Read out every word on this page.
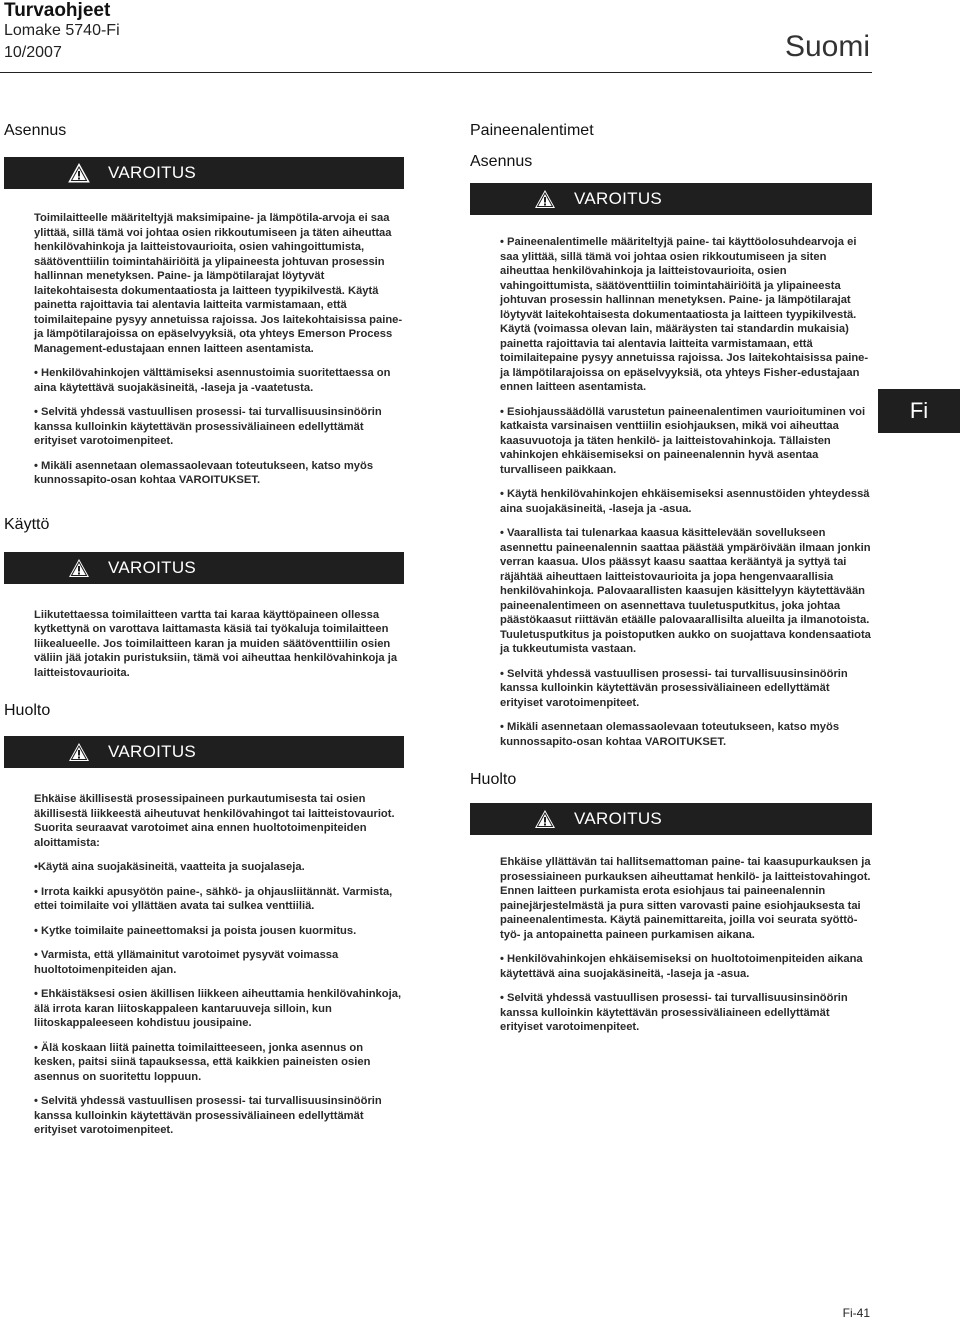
Turvaohjeet
Lomake 5740-Fi
10/2007	Suomi
Asennus
VAROITUS

Toimilaitteelle määriteltyjä maksimipaine- ja lämpötila-arvoja ei saa ylittää, sillä tämä voi johtaa osien rikkoutumiseen ja täten aiheuttaa henkilövahinkoja ja laitteistovaurioita, osien vahingoittumista, säätöventtiilin toimintahäiriöitä ja ylipaineesta johtuvan prosessin hallinnan menetyksen. Paine- ja lämpötilarajat löytyvät laitekohtaisesta dokumentaatiosta ja laitteen tyypikilvestä. Käytä painetta rajoittavia tai alentavia laitteita varmistamaan, että toimilaitepaine pysyy annetuissa rajoissa. Jos laitekohtaisissa paine- ja lämpötilarajoissa on epäselvyyksiä, ota yhteys Emerson Process Management-edustajaan ennen laitteen asentamista.

• Henkilövahinkojen välttämiseksi asennustoimia suoritettaessa on aina käytettävä suojakäsineitä, -laseja ja -vaatetusta.

• Selvitä yhdessä vastuullisen prosessi- tai turvallisuusinsinöörin kanssa kulloinkin käytettävän prosessiväliaineen edellyttämät erityiset varotoimenpiteet.

• Mikäli asennetaan olemassaolevaan toteutukseen, katso myös kunnossapito-osan kohtaa VAROITUKSET.

Käyttö
VAROITUS

Liikutettaessa toimilaitteen vartta tai karaa käyttöpaineen ollessa kytkettynä on varottava laittamasta käsiä tai työkaluja toimilaitteen liikealueelle. Jos toimilaitteen karan ja muiden säätöventtiilin osien väliin jää jotakin puristuksiin, tämä voi aiheuttaa henkilövahinkoja ja laitteistovaurioita.

Huolto
VAROITUS

Ehkäise äkillisestä prosessipaineen purkautumisesta tai osien äkillisestä liikkeestä aiheutuvat henkilövahingot tai laitteistovauriot. Suorita seuraavat varotoimet aina ennen huoltotoimenpiteiden aloittamista:

•Käytä aina suojakäsineitä, vaatteita ja suojalaseja.

• Irrota kaikki apusyötön paine-, sähkö- ja ohjausliitännät. Varmista, ettei toimilaite voi yllättäen avata tai sulkea venttiiliä.

• Kytke toimilaite paineettomaksi ja poista jousen kuormitus.

• Varmista, että yllämainitut varotoimet pysyvät voimassa huoltotoimenpiteiden ajan.

• Ehkäistäksesi osien äkillisen liikkeen aiheuttamia henkilövahinkoja, älä irrota karan liitoskappaleen kantaruuveja silloin, kun liitoskappaleeseen kohdistuu jousipaine.

• Älä koskaan liitä painetta toimilaitteeseen, jonka asennus on kesken, paitsi siinä tapauksessa, että kaikkien paineisten osien asennus on suoritettu loppuun.

• Selvitä yhdessä vastuullisen prosessi- tai turvallisuusinsinöörin kanssa kulloinkin käytettävän prosessiväliaineen edellyttämät erityiset varotoimenpiteet.

Paineenalentimet
Asennus
VAROITUS

• Paineenalentimelle määriteltyjä paine- tai käyttöolosuhdearvoja ei saa ylittää, sillä tämä voi johtaa osien rikkoutumiseen ja siten aiheuttaa henkilövahinkoja ja laitteistovaurioita, osien vahingoittumista, säätöventtiilin toimintahäiriöitä ja ylipaineesta johtuvan prosessin hallinnan menetyksen. Paine- ja lämpötilarajat löytyvät laitekohtaisesta dokumentaatiosta ja laitteen tyypikilvestä. Käytä (voimassa olevan lain, määräysten tai standardin mukaisia) painetta rajoittavia tai alentavia laitteita varmistamaan, että toimilaitepaine pysyy annetuissa rajoissa. Jos laitekohtaisissa paine- ja lämpötilarajoissa on epäselvyyksiä, ota yhteys Fisher-edustajaan ennen laitteen asentamista.

• Esiohjaussäädöllä varustetun paineenalentimen vaurioituminen voi katkaista varsinaisen venttiilin esiohjauksen, mikä voi aiheuttaa kaasuvuotoja ja täten henkilö- ja laitteistovahinkoja. Tällaisten vahinkojen ehkäisemiseksi on paineenalennin hyvä asentaa turvalliseen paikkaan.

• Käytä henkilövahinkojen ehkäisemiseksi asennustöiden yhteydessä aina suojakäsineitä, -laseja ja -asua.

• Vaarallista tai tulenarkaa kaasua käsittelevään sovellukseen asennettu paineenalennin saattaa päästää ympäröivään ilmaan jonkin verran kaasua. Ulos päässyt kaasu saattaa kerääntyä ja syttyä tai räjähtää aiheuttaen laitteistovaurioita ja jopa hengenvaarallisia henkilövahinkoja. Palovaarallisten kaasujen käsittelyyn käytettävään paineenalentimeen on asennettava tuuletusputkitus, joka johtaa päästökaasut riittävän etäälle palovaarallisilta alueilta ja ilmanotoista. Tuuletusputkitus ja poistoputken aukko on suojattava kondensaatiota ja tukkeutumista vastaan.

• Selvitä yhdessä vastuullisen prosessi- tai turvallisuusinsinöörin kanssa kulloinkin käytettävän prosessiväliaineen edellyttämät erityiset varotoimenpiteet.

• Mikäli asennetaan olemassaolevaan toteutukseen, katso myös kunnossapito-osan kohtaa VAROITUKSET.

Huolto
VAROITUS

Ehkäise yllättävän tai hallitsemattoman paine- tai kaasupurkauksen ja prosessiaineen purkauksen aiheuttamat henkilö- ja laitteistovahingot. Ennen laitteen purkamista erota esiohjaus tai paineenalennin painejärjestelmästä ja pura sitten varovasti paine esiohjauksesta tai paineenalentimesta. Käytä painemittareita, joilla voi seurata syöttö- työ- ja antopainetta paineen purkamisen aikana.

• Henkilövahinkojen ehkäisemiseksi on huoltotoimenpiteiden aikana käytettävä aina suojakäsineitä, -laseja ja -asua.

• Selvitä yhdessä vastuullisen prosessi- tai turvallisuusinsinöörin kanssa kulloinkin käytettävän prosessiväliaineen edellyttämät erityiset varotoimenpiteet.

Fi
Fi-41
